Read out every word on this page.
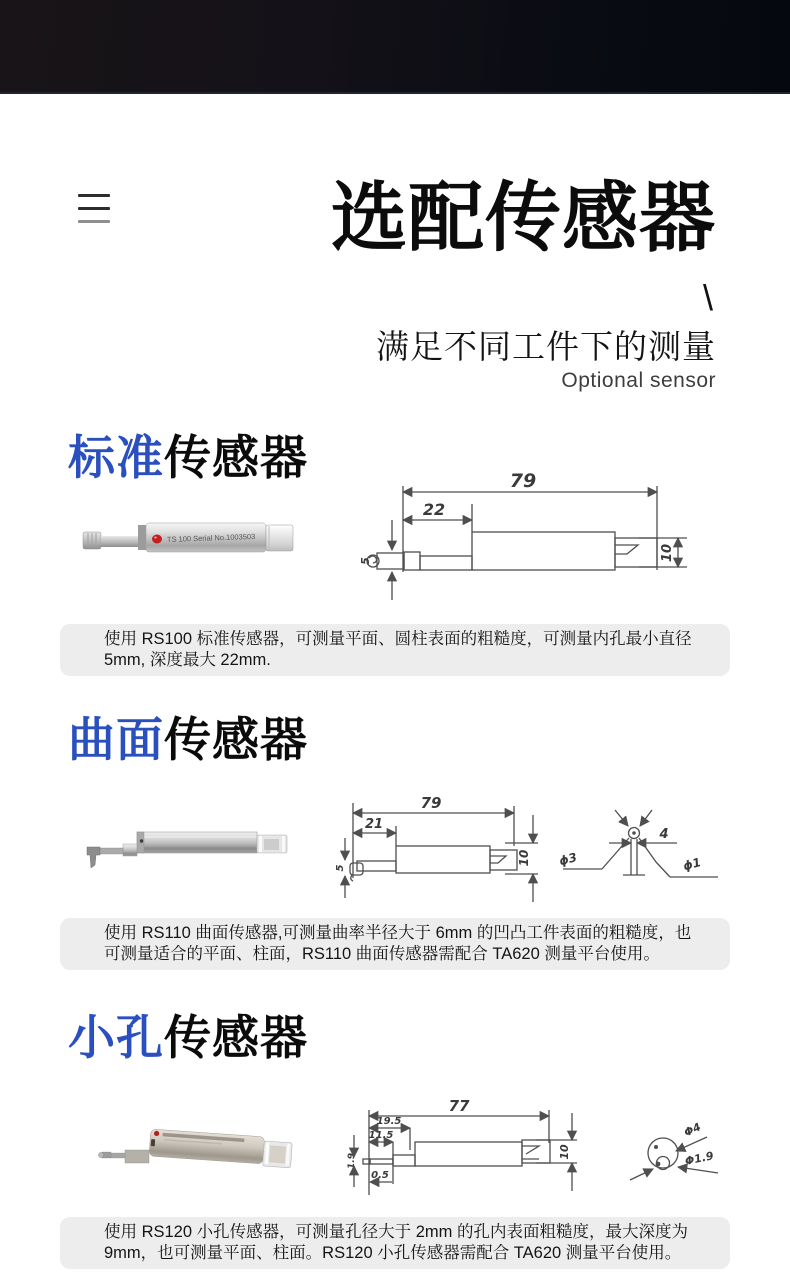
选配传感器
\
满足不同工件下的测量
Optional sensor
标准传感器
TS 100 Serial No.1003503
79
22
10
5

使用 RS100 标准传感器，可测量平面、圆柱表面的粗糙度，可测量内孔最小直径 5mm, 深度最大 22mm.

曲面传感器
79
21
10
5	ϕ3	ϕ1
4

使用 RS110 曲面传感器,可测量曲率半径大于 6mm 的凹凸工件表面的粗糙度，也可测量适合的平面、柱面，RS110 曲面传感器需配合 TA620 测量平台使用。

小孔传感器
77
19.5
11.5
10
1.9
0.5
Φ4
Φ1.9

使用 RS120 小孔传感器，可测量孔径大于 2mm 的孔内表面粗糙度，最大深度为 9mm，也可测量平面、柱面。RS120 小孔传感器需配合 TA620 测量平台使用。
